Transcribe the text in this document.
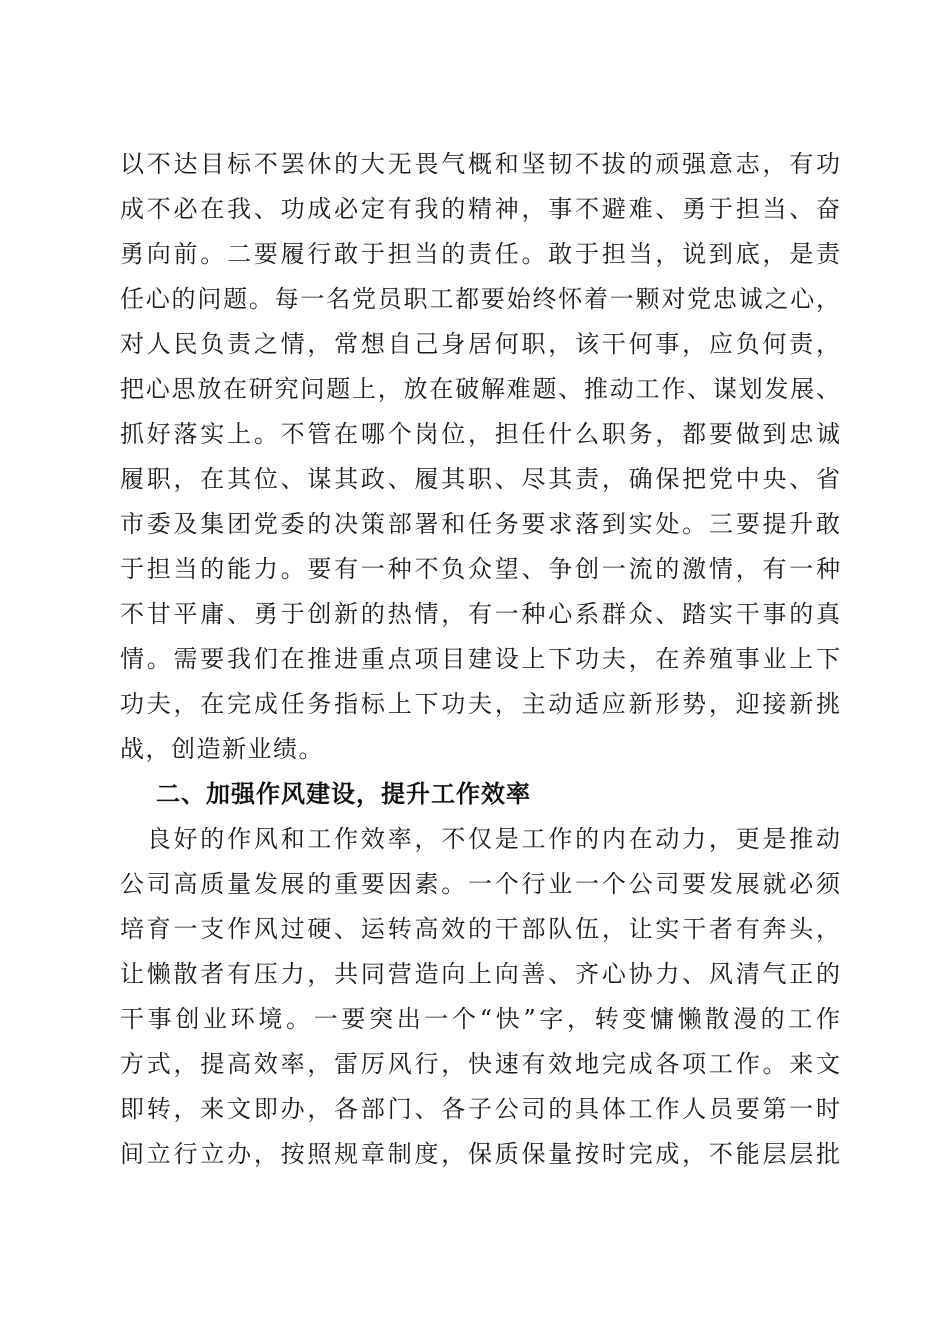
以不达目标不罢休的大无畏气概和坚韧不拔的顽强意志，有功
成不必在我、功成必定有我的精神，事不避难、勇于担当、奋
勇向前。二要履行敢于担当的责任。敢于担当，说到底，是责
任心的问题。每一名党员职工都要始终怀着一颗对党忠诚之心，
对人民负责之情，常想自己身居何职，该干何事，应负何责，
把心思放在研究问题上，放在破解难题、推动工作、谋划发展、
抓好落实上。不管在哪个岗位，担任什么职务，都要做到忠诚
履职，在其位、谋其政、履其职、尽其责，确保把党中央、省
市委及集团党委的决策部署和任务要求落到实处。三要提升敢
于担当的能力。要有一种不负众望、争创一流的激情，有一种
不甘平庸、勇于创新的热情，有一种心系群众、踏实干事的真
情。需要我们在推进重点项目建设上下功夫，在养殖事业上下
功夫，在完成任务指标上下功夫，主动适应新形势，迎接新挑
战，创造新业绩。
二、加强作风建设，提升工作效率
　良好的作风和工作效率，不仅是工作的内在动力，更是推动
公司高质量发展的重要因素。一个行业一个公司要发展就必须
培育一支作风过硬、运转高效的干部队伍，让实干者有奔头，
让懒散者有压力，共同营造向上向善、齐心协力、风清气正的
干事创业环境。一要突出一个“快”字，转变慵懒散漫的工作
方式，提高效率，雷厉风行，快速有效地完成各项工作。来文
即转，来文即办，各部门、各子公司的具体工作人员要第一时
间立行立办，按照规章制度，保质保量按时完成，不能层层批
